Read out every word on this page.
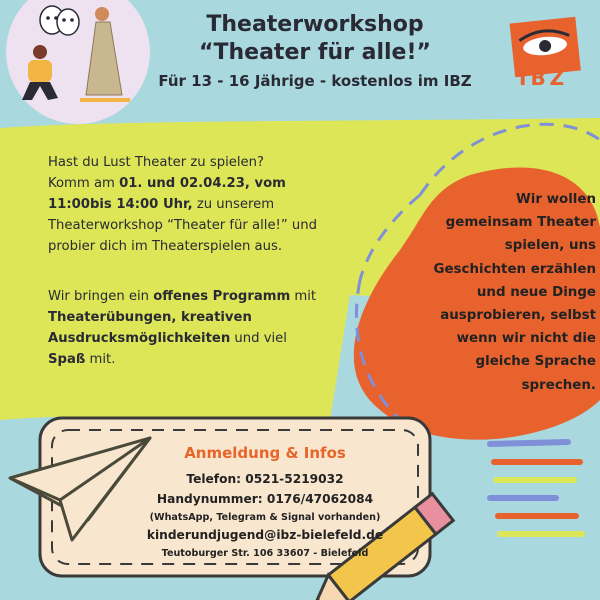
Theaterworkshop
“Theater für alle!”
Für 13 - 16 Jährige - kostenlos im IBZ	IBZ
Hast du Lust Theater zu spielen?
Komm am 01. und 02.04.23, vom
11:00bis 14:00 Uhr, zu unserem
Theaterworkshop “Theater für alle!” und
probier dich im Theaterspielen aus.
Wir bringen ein offenes Programm mit
Theaterübungen, kreativen
Ausdrucksmöglichkeiten und viel
Spaß mit.
Wir wollen
gemeinsam Theater
spielen, uns
Geschichten erzählen
und neue Dinge
ausprobieren, selbst
wenn wir nicht die
gleiche Sprache
sprechen.
Anmeldung & Infos
Telefon: 0521-5219032
Handynummer: 0176/47062084
(WhatsApp, Telegram & Signal vorhanden)
kinderundjugend@ibz-bielefeld.de
Teutoburger Str. 106 33607 - Bielefeld
